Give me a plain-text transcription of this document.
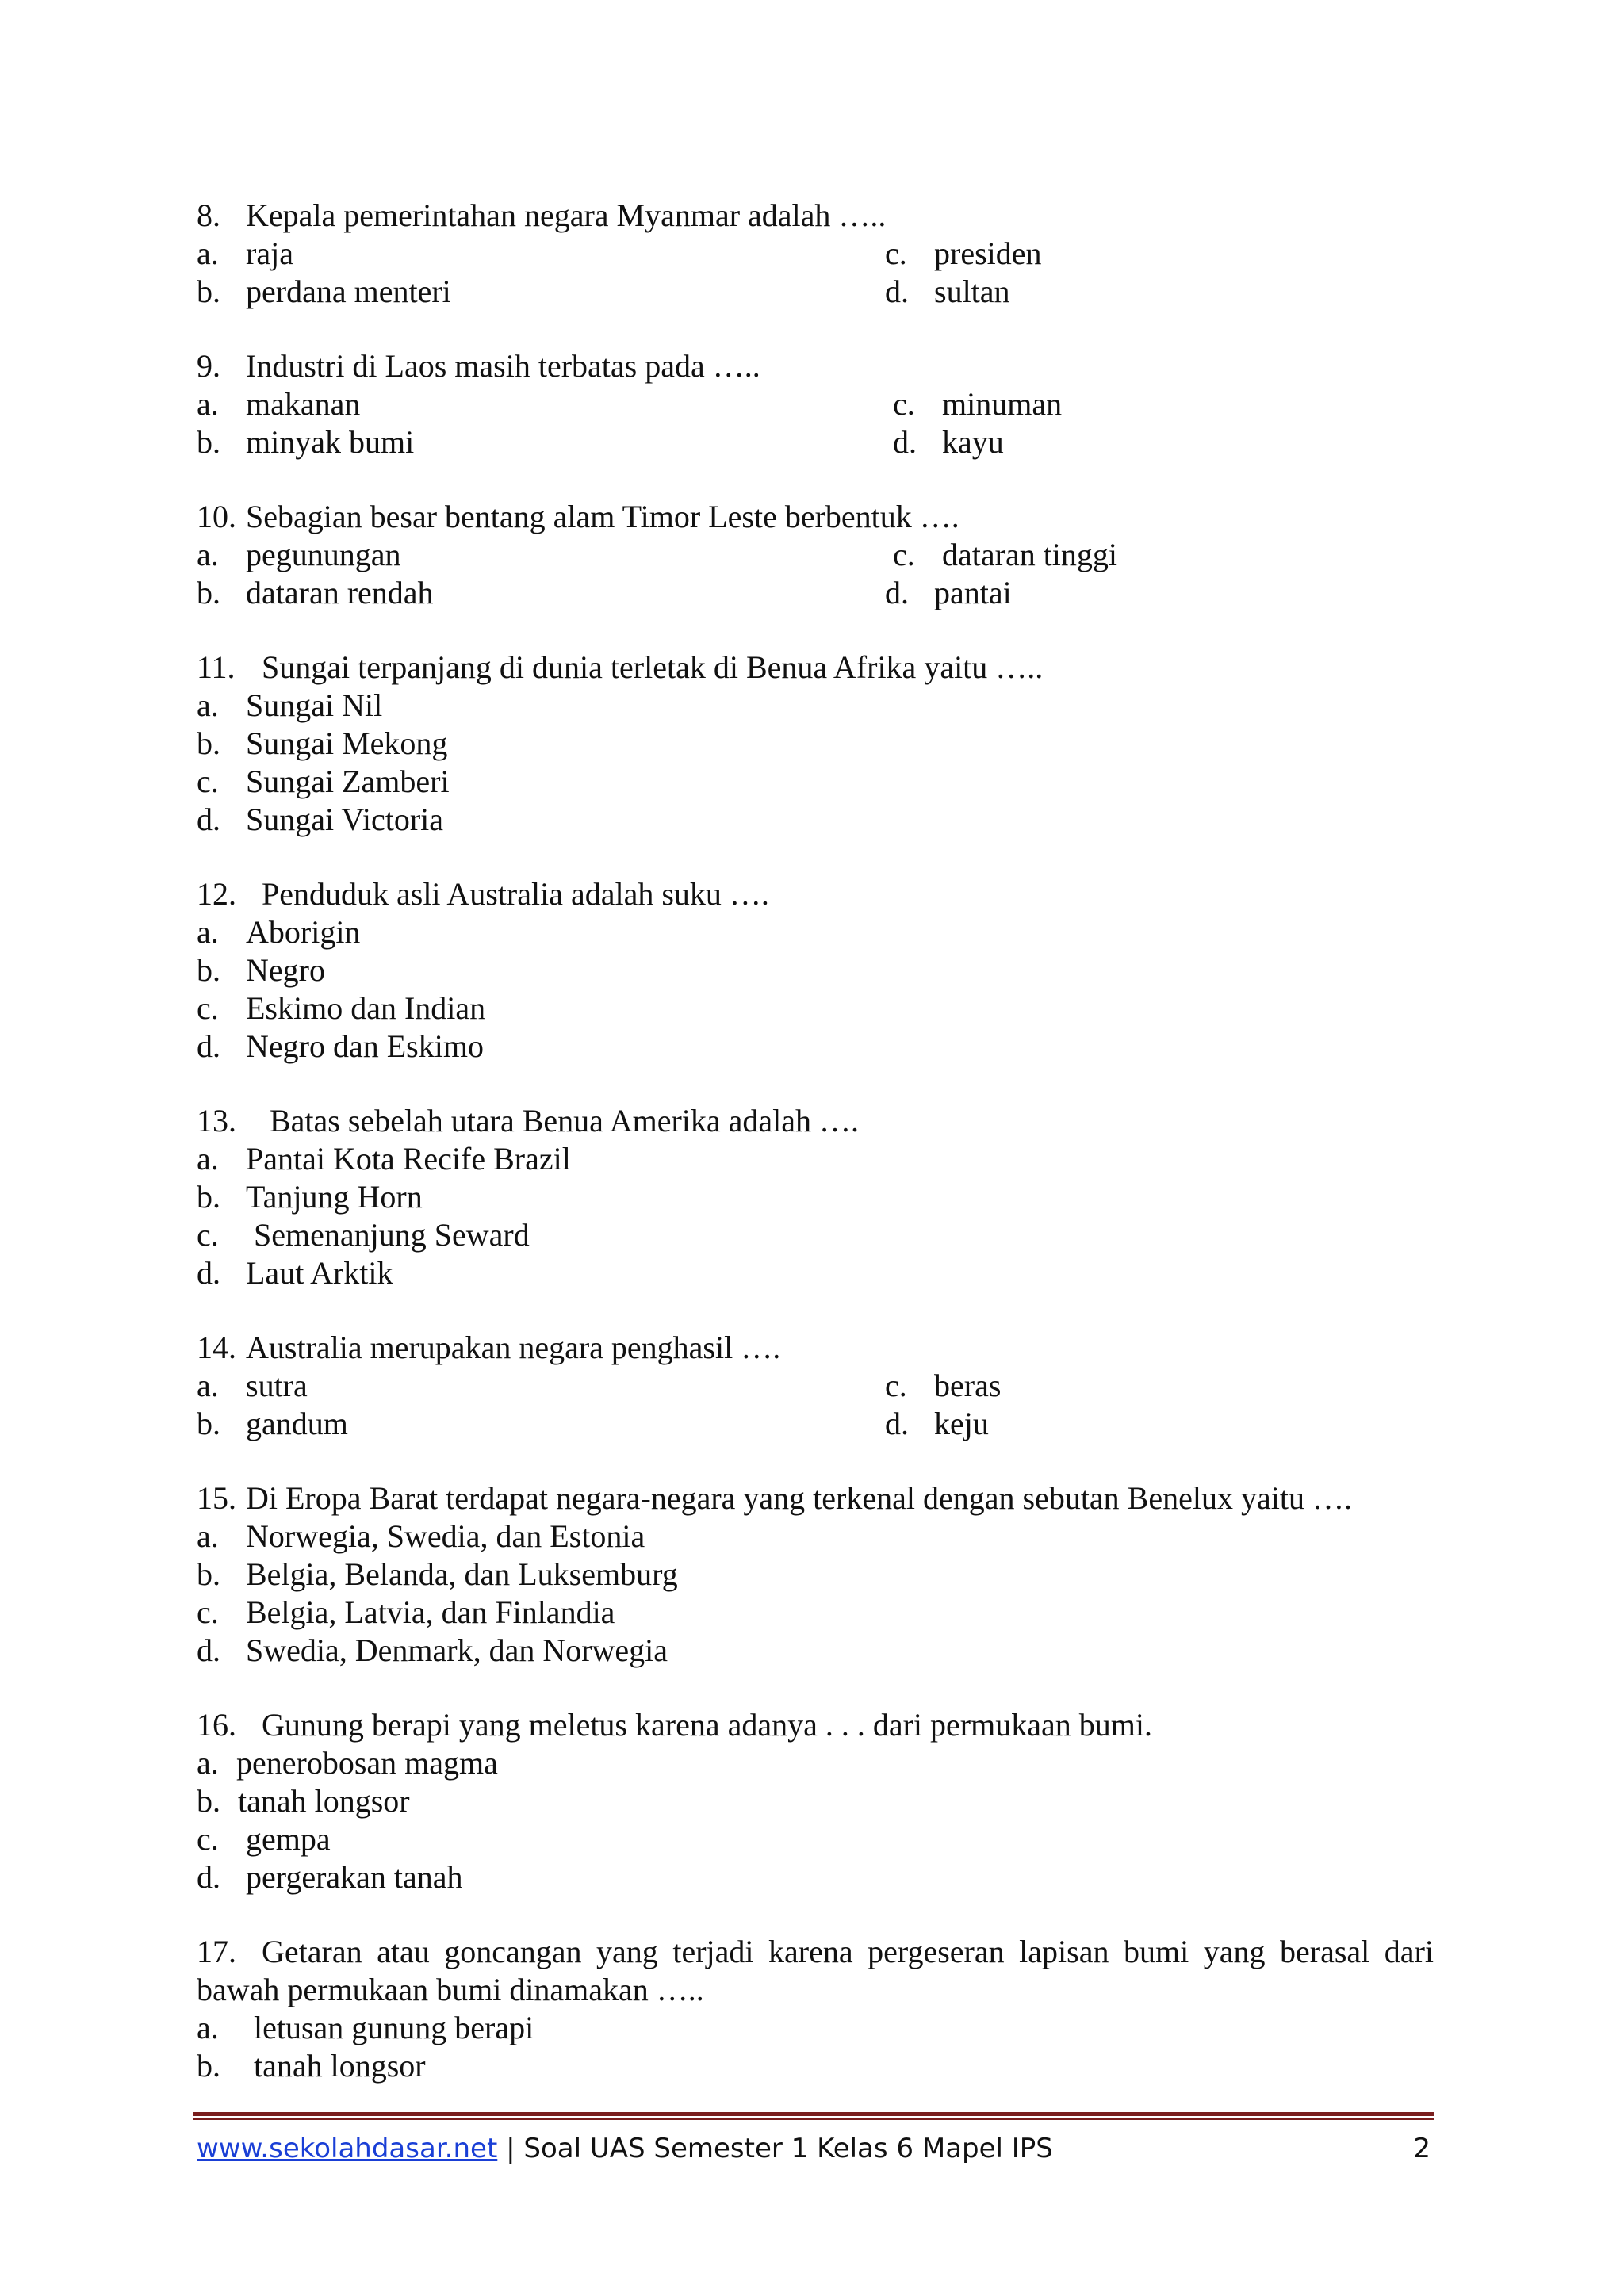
8. Kepala pemerintahan negara Myanmar adalah …..
a. raja	c. presiden
b. perdana menteri	d. sultan
9. Industri di Laos masih terbatas pada …..
a. makanan	c. minuman
b. minyak bumi	d. kayu
10. Sebagian besar bentang alam Timor Leste berbentuk ….
a. pegunungan	c. dataran tinggi
b. dataran rendah	d. pantai
11. Sungai terpanjang di dunia terletak di Benua Afrika yaitu …..
a. Sungai Nil
b. Sungai Mekong
c. Sungai Zamberi
d. Sungai Victoria
12. Penduduk asli Australia adalah suku ….
a. Aborigin
b. Negro
c. Eskimo dan Indian
d. Negro dan Eskimo
13. Batas sebelah utara Benua Amerika adalah ….
a. Pantai Kota Recife Brazil
b. Tanjung Horn
c. Semenanjung Seward
d. Laut Arktik
14. Australia merupakan negara penghasil ….
a. sutra	c. beras
b. gandum	d. keju
15. Di Eropa Barat terdapat negara-negara yang terkenal dengan sebutan Benelux yaitu ….
a. Norwegia, Swedia, dan Estonia
b. Belgia, Belanda, dan Luksemburg
c. Belgia, Latvia, dan Finlandia
d. Swedia, Denmark, dan Norwegia
16. Gunung berapi yang meletus karena adanya . . . dari permukaan bumi.
a. penerobosan magma
b. tanah longsor
c. gempa
d. pergerakan tanah
17. Getaran atau goncangan yang terjadi karena pergeseran lapisan bumi yang berasal dari bawah permukaan bumi dinamakan …..
a. letusan gunung berapi
b. tanah longsor
www.sekolahdasar.net | Soal UAS Semester 1 Kelas 6 Mapel IPS	2
